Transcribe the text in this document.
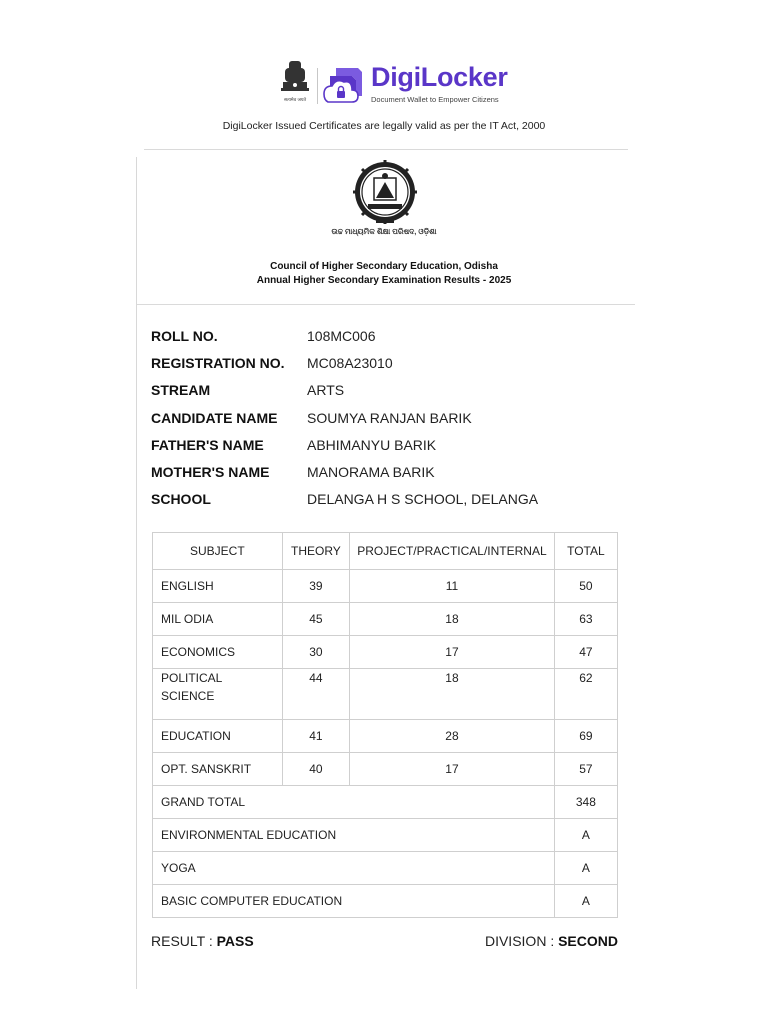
सत्यमेव जयते
DigiLocker
Document Wallet to Empower Citizens
DigiLocker Issued Certificates are legally valid as per the IT Act, 2000
ଉଚ୍ଚ ମାଧ୍ୟମିକ ଶିକ୍ଷା ପରିଷଦ, ଓଡ଼ିଶା
Council of Higher Secondary Education, Odisha
Annual Higher Secondary Examination Results - 2025
ROLL NO.	108MC006
REGISTRATION NO.	MC08A23010
STREAM	ARTS
CANDIDATE NAME	SOUMYA RANJAN BARIK
FATHER'S NAME	ABHIMANYU BARIK
MOTHER'S NAME	MANORAMA BARIK
SCHOOL	DELANGA H S SCHOOL, DELANGA
SUBJECT	THEORY	PROJECT/PRACTICAL/INTERNAL	TOTAL
ENGLISH	39	11	50
MIL ODIA	45	18	63
ECONOMICS	30	17	47
POLITICAL SCIENCE	44	18	62
EDUCATION	41	28	69
OPT. SANSKRIT	40	17	57
GRAND TOTAL			348
ENVIRONMENTAL EDUCATION			A
YOGA			A
BASIC COMPUTER EDUCATION			A
RESULT : PASS	DIVISION : SECOND
